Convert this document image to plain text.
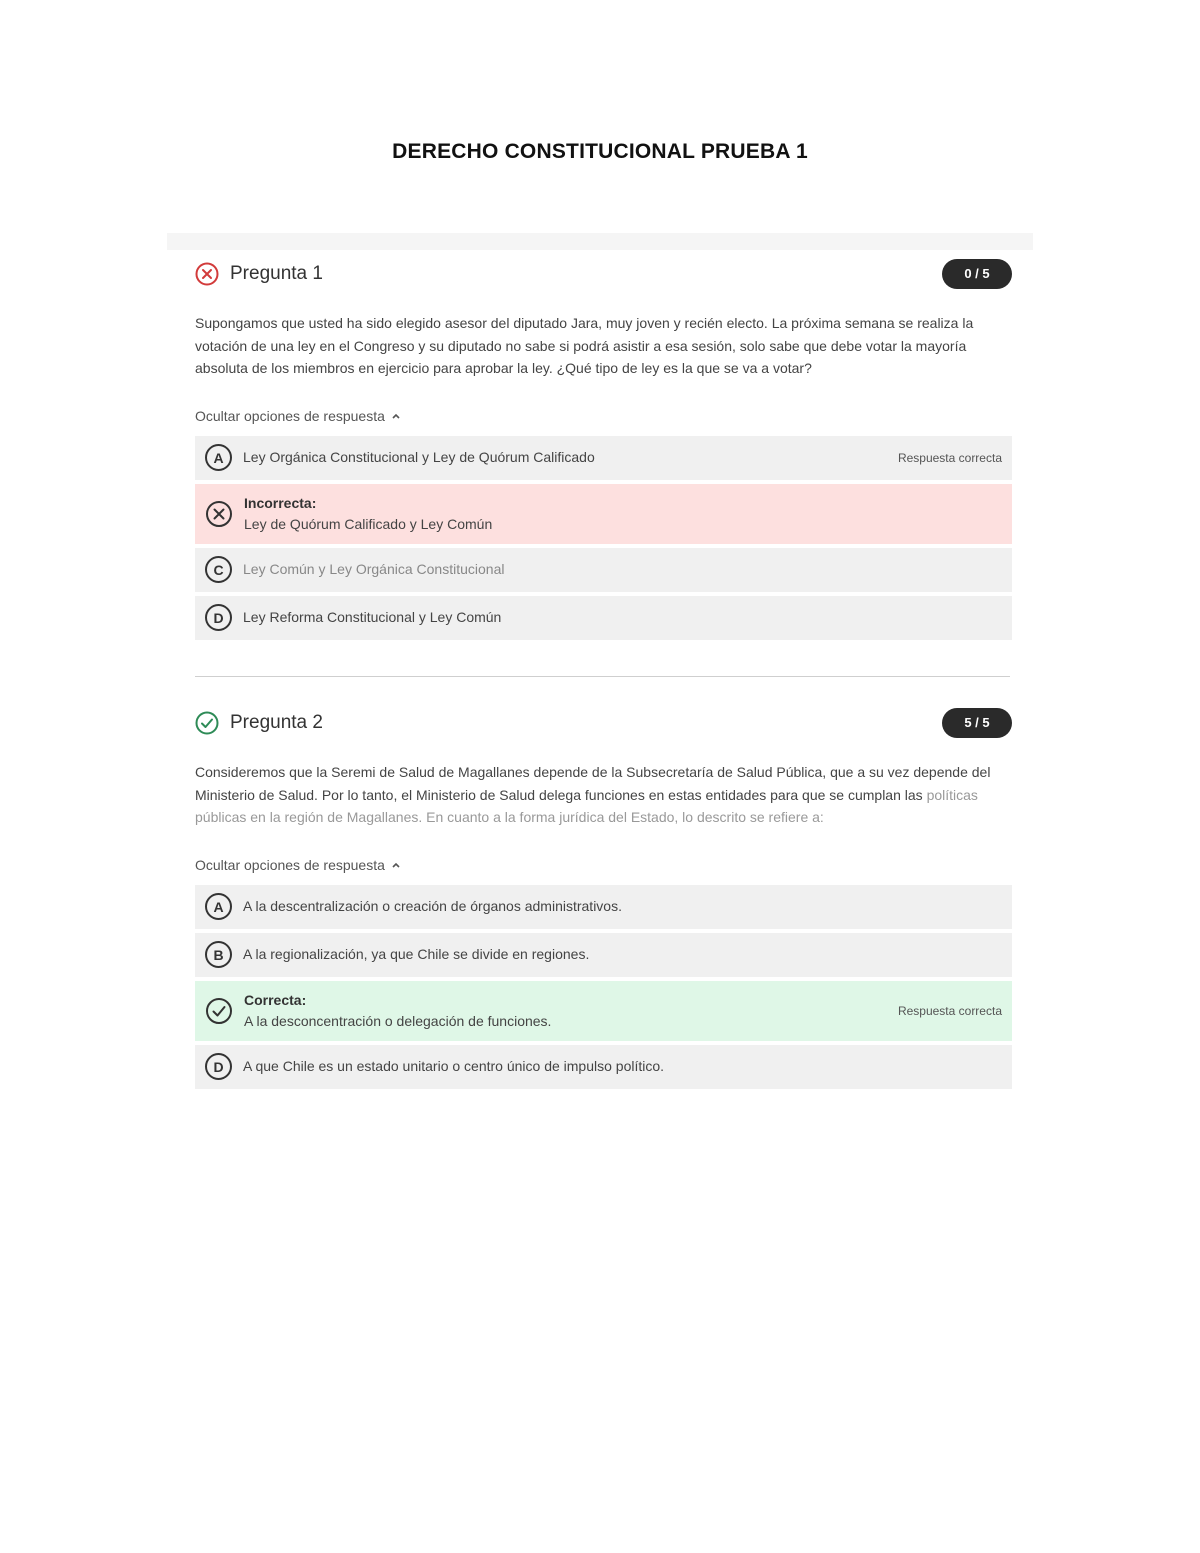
DERECHO CONSTITUCIONAL PRUEBA 1
Pregunta 1	0 / 5

Supongamos que usted ha sido elegido asesor del diputado Jara, muy joven y recién electo. La próxima semana se realiza la votación de una ley en el Congreso y su diputado no sabe si podrá asistir a esa sesión, solo sabe que debe votar la mayoría absoluta de los miembros en ejercicio para aprobar la ley. ¿Qué tipo de ley es la que se va a votar?

Ocultar opciones de respuesta
A	Ley Orgánica Constitucional y Ley de Quórum Calificado	Respuesta correcta
Incorrecta:
Ley de Quórum Calificado y Ley Común
C	Ley Común y Ley Orgánica Constitucional
D	Ley Reforma Constitucional y Ley Común
Pregunta 2	5 / 5

Consideremos que la Seremi de Salud de Magallanes depende de la Subsecretaría de Salud Pública, que a su vez depende del Ministerio de Salud. Por lo tanto, el Ministerio de Salud delega funciones en estas entidades para que se cumplan las políticas públicas en la región de Magallanes. En cuanto a la forma jurídica del Estado, lo descrito se refiere a:

Ocultar opciones de respuesta
A	A la descentralización o creación de órganos administrativos.
B	A la regionalización, ya que Chile se divide en regiones.
Correcta:
A la desconcentración o delegación de funciones.
Respuesta correcta
D	A que Chile es un estado unitario o centro único de impulso político.
